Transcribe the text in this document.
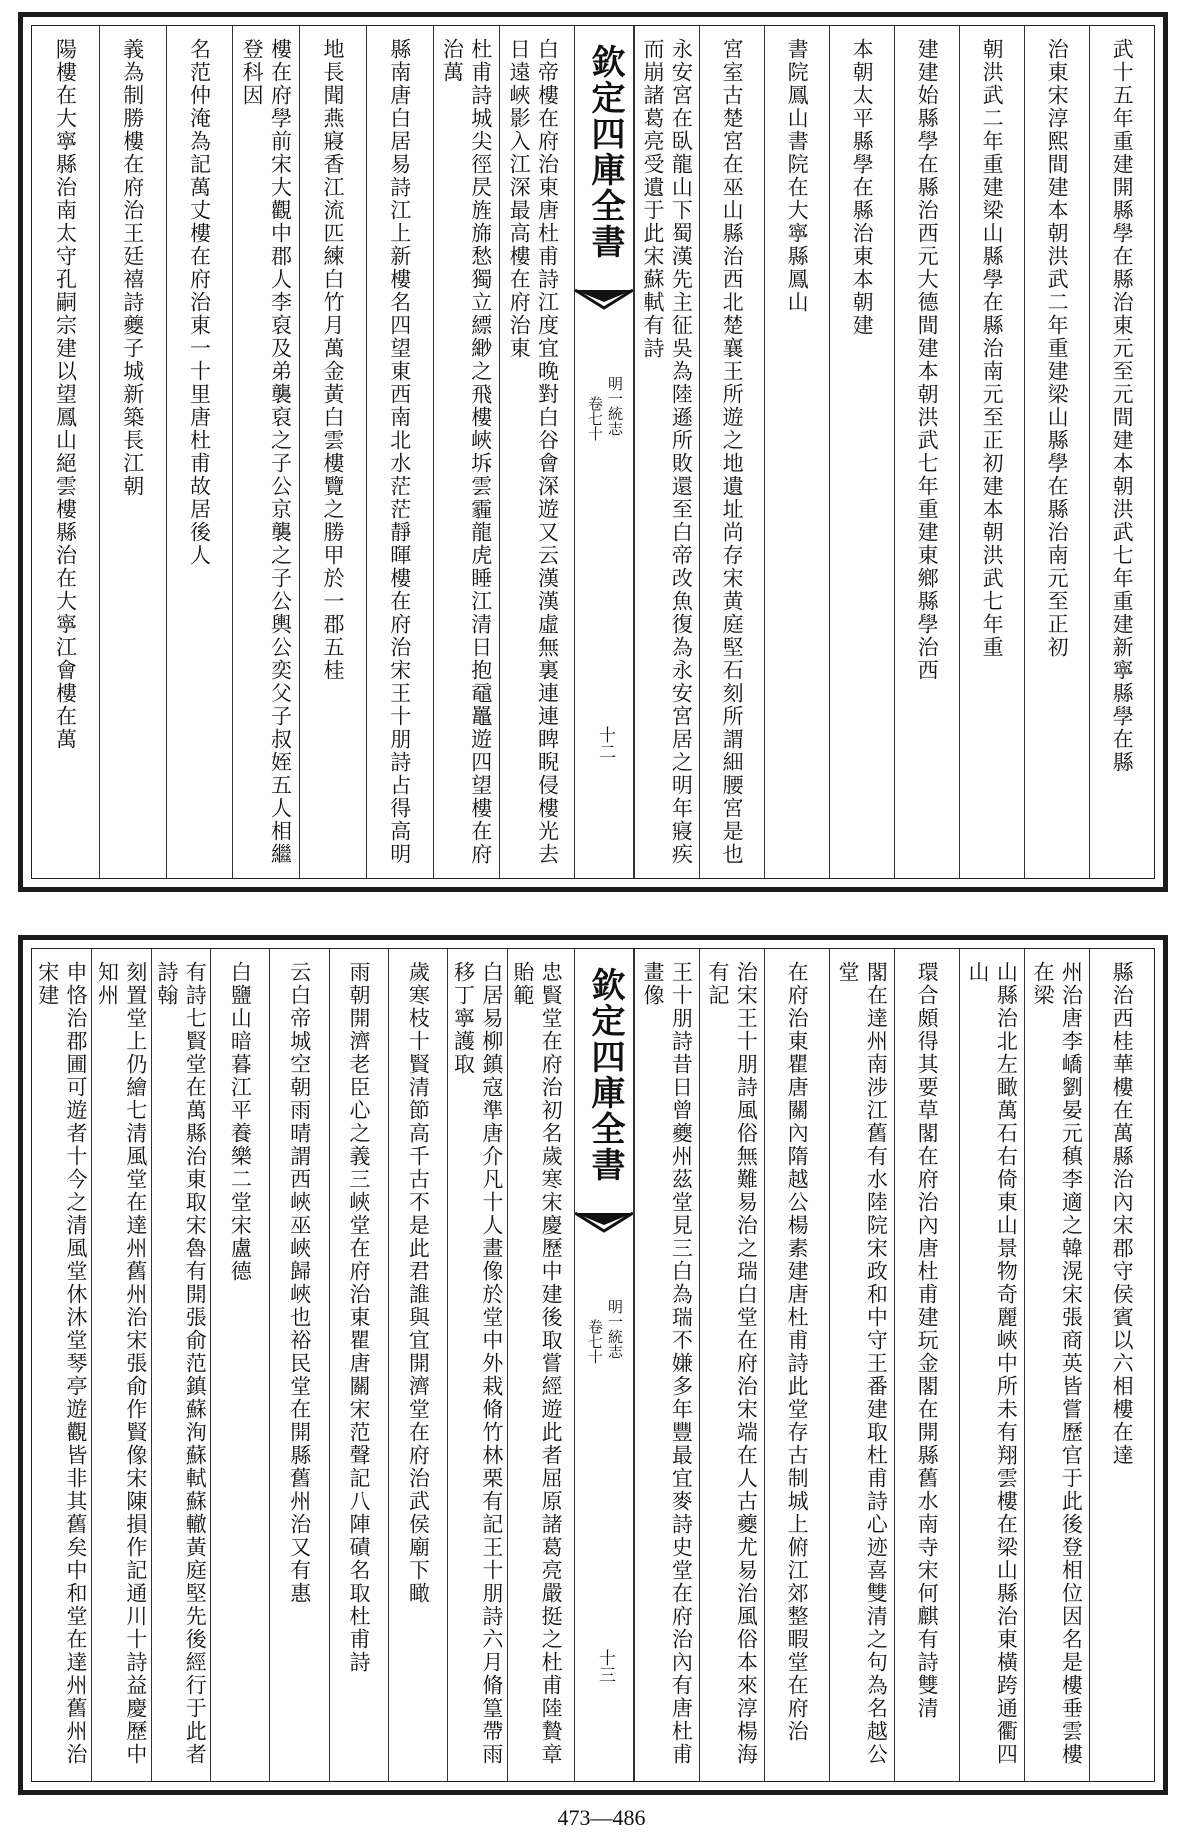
武十五年重建開縣學在縣治東元至元間建本朝洪武七年重建新寧縣學在縣
治東宋淳熙間建本朝洪武二年重建梁山縣學在縣治南元至正初
朝洪武二年重建梁山縣學在縣治南元至正初建本朝洪武七年重
建建始縣學在縣治西元大德間建本朝洪武七年重建東鄉縣學治西
本朝太平縣學在縣治東本朝建
書院鳳山書院在大寧縣鳳山
宮室古楚宮在巫山縣治西北楚襄王所遊之地遺址尚存宋黄庭堅石刻所謂細腰宮是也
永安宮在臥龍山下蜀漢先主征吳為陸遜所敗還至白帝改魚復為永安宮居之明年寢疾而崩諸葛亮受遺于此宋蘇軾有詩
欽定四庫全書
明一統志
卷七十
十二
白帝樓在府治東唐杜甫詩江度宜晚對白谷會深遊又云漢漢虛無裏連連睥睨侵樓光去日遠峽影入江深最高樓在府治東
杜甫詩城尖徑昃旌旆愁獨立縹緲之飛樓峽坼雲霾龍虎睡江清日抱黿鼉遊四望樓在府治萬
縣南唐白居易詩江上新樓名四望東西南北水茫茫靜暉樓在府治宋王十朋詩占得高明
地長聞燕寢香江流匹練白竹月萬金黃白雲樓覽之勝甲於一郡五桂
樓在府學前宋大觀中郡人李裒及弟襲裒之子公京襲之子公輿公奕父子叔姪五人相繼登科因
名范仲淹為記萬丈樓在府治東一十里唐杜甫故居後人
義為制勝樓在府治王廷禧詩夔子城新築長江朝
陽樓在大寧縣治南太守孔嗣宗建以望鳳山絕雲樓縣治在大寧江會樓在萬
縣治西桂華樓在萬縣治內宋郡守侯賓以六相樓在達
州治唐李嶠劉晏元稹李適之韓滉宋張商英皆嘗歷官于此後登相位因名是樓垂雲樓在梁
山縣治北左瞰萬石右倚東山景物奇麗峽中所未有翔雲樓在梁山縣治東橫跨通衢四山
環合頗得其要草閣在府治內唐杜甫建玩金閣在開縣舊水南寺宋何麒有詩雙清
閣在達州南涉江舊有水陸院宋政和中守王番建取杜甫詩心迹喜雙清之句為名越公堂
在府治東瞿唐關內隋越公楊素建唐杜甫詩此堂存古制城上俯江郊整暇堂在府治
治宋王十朋詩風俗無難易治之瑞白堂在府治宋端在人古夔尤易治風俗本來淳楊海有記
王十朋詩昔日曾夔州茲堂見三白為瑞不嫌多年豐最宜麥詩史堂在府治內有唐杜甫畫像
欽定四庫全書
明一統志
卷七十
十三
忠賢堂在府治初名歲寒宋慶歷中建後取嘗經遊此者屈原諸葛亮嚴挺之杜甫陸贄章貽範
白居易柳鎮寇準唐介凡十人畫像於堂中外栽脩竹林栗有記王十朋詩六月脩篁帶雨移丁寧護取
歲寒枝十賢清節高千古不是此君誰與宜開濟堂在府治武侯廟下瞰
雨朝開濟老臣心之義三峽堂在府治東瞿唐關宋范聲記八陣磧名取杜甫詩
云白帝城空朝雨晴謂西峽巫峽歸峽也裕民堂在開縣舊州治又有惠
白鹽山暗暮江平養樂二堂宋盧德
有詩七賢堂在萬縣治東取宋魯有開張俞范鎮蘇洵蘇軾蘇轍黃庭堅先後經行于此者詩翰
刻置堂上仍繪七清風堂在達州舊州治宋張俞作賢像宋陳損作記通川十詩益慶歷中知州
申恪治郡圃可遊者十今之清風堂休沐堂琴亭遊觀皆非其舊矣中和堂在達州舊州治宋建
473—486
